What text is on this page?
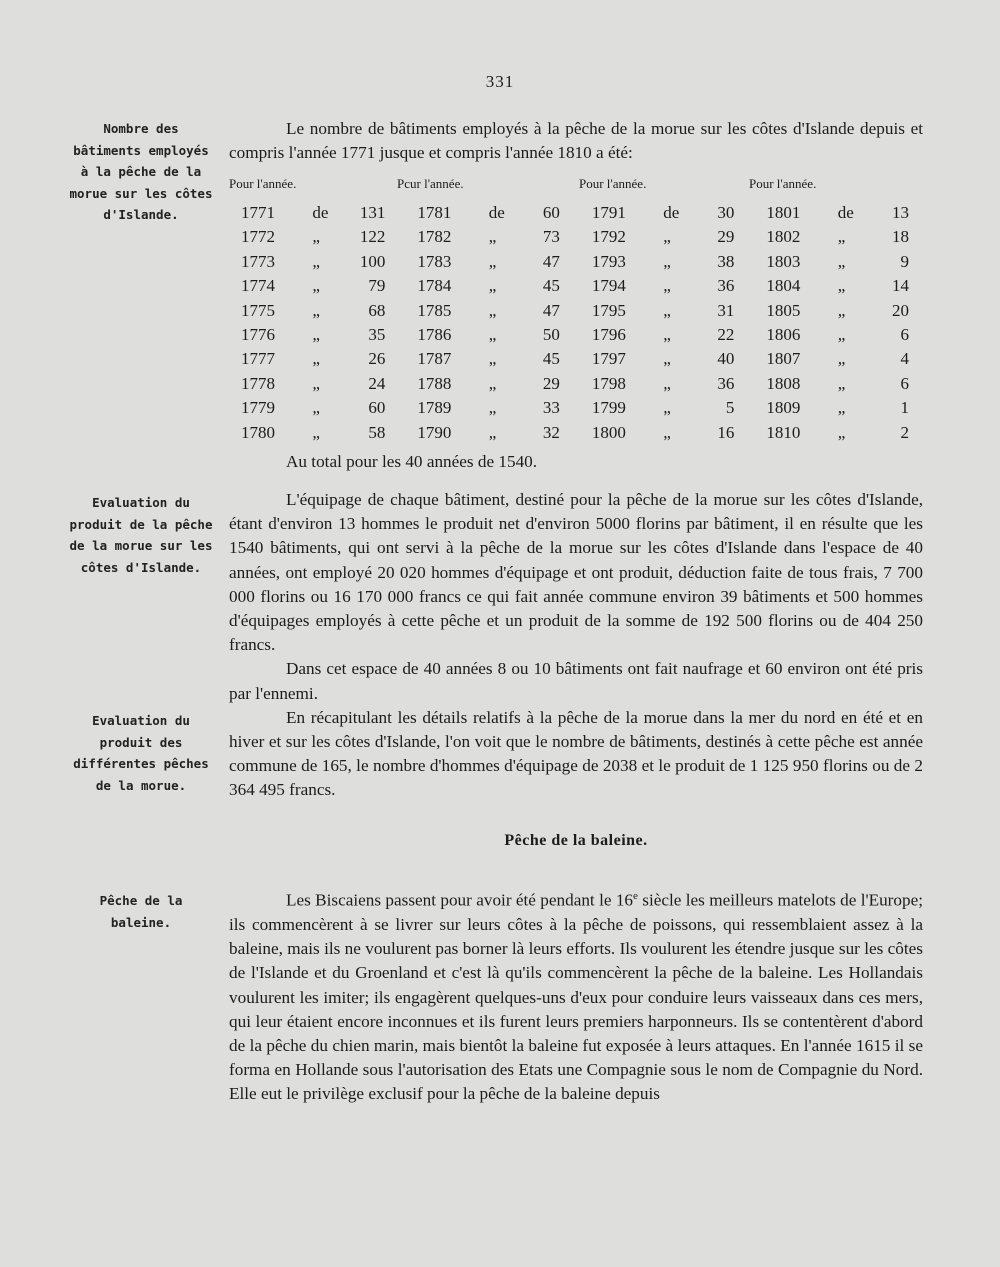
331
Nombre des bâtiments employés à la pêche de la morue sur les côtes d'Islande.
Evaluation du produit de la pêche de la morue sur les côtes d'Islande.
Evaluation du produit des différentes pêches de la morue.
Pêche de la baleine.

Le nombre de bâtiments employés à la pêche de la morue sur les côtes d'Islande depuis et compris l'année 1771 jusque et compris l'année 1810 a été:

Pour l'année.	Pcur l'année.	Pour l'année.	Pour l'année.
1771	de	131	1781	de	60	1791	de	30	1801	de	13
1772	„	122	1782	„	73	1792	„	29	1802	„	18
1773	„	100	1783	„	47	1793	„	38	1803	„	9
1774	„	79	1784	„	45	1794	„	36	1804	„	14
1775	„	68	1785	„	47	1795	„	31	1805	„	20
1776	„	35	1786	„	50	1796	„	22	1806	„	6
1777	„	26	1787	„	45	1797	„	40	1807	„	4
1778	„	24	1788	„	29	1798	„	36	1808	„	6
1779	„	60	1789	„	33	1799	„	5	1809	„	1
1780	„	58	1790	„	32	1800	„	16	1810	„	2
Au total pour les 40 années de 1540.

L'équipage de chaque bâtiment, destiné pour la pêche de la morue sur les côtes d'Islande, étant d'environ 13 hommes le produit net d'environ 5000 florins par bâtiment, il en résulte que les 1540 bâtiments, qui ont servi à la pêche de la morue sur les côtes d'Islande dans l'espace de 40 années, ont employé 20 020 hommes d'équipage et ont produit, déduction faite de tous frais, 7 700 000 florins ou 16 170 000 francs ce qui fait année commune environ 39 bâtiments et 500 hommes d'équipages employés à cette pêche et un produit de la somme de 192 500 florins ou de 404 250 francs.

Dans cet espace de 40 années 8 ou 10 bâtiments ont fait naufrage et 60 environ ont été pris par l'ennemi.

En récapitulant les détails relatifs à la pêche de la morue dans la mer du nord en été et en hiver et sur les côtes d'Islande, l'on voit que le nombre de bâtiments, destinés à cette pêche est année commune de 165, le nombre d'hommes d'équipage de 2038 et le produit de 1 125 950 florins ou de 2 364 495 francs.

Pêche de la baleine.

Les Biscaiens passent pour avoir été pendant le 16e siècle les meilleurs matelots de l'Europe; ils commencèrent à se livrer sur leurs côtes à la pêche de poissons, qui ressemblaient assez à la baleine, mais ils ne voulurent pas borner là leurs efforts. Ils voulurent les étendre jusque sur les côtes de l'Islande et du Groenland et c'est là qu'ils commencèrent la pêche de la baleine. Les Hollandais voulurent les imiter; ils engagèrent quelques-uns d'eux pour conduire leurs vaisseaux dans ces mers, qui leur étaient encore inconnues et ils furent leurs premiers harponneurs. Ils se contentèrent d'abord de la pêche du chien marin, mais bientôt la baleine fut exposée à leurs attaques. En l'année 1615 il se forma en Hollande sous l'autorisation des Etats une Compagnie sous le nom de Compagnie du Nord. Elle eut le privilège exclusif pour la pêche de la baleine depuis
